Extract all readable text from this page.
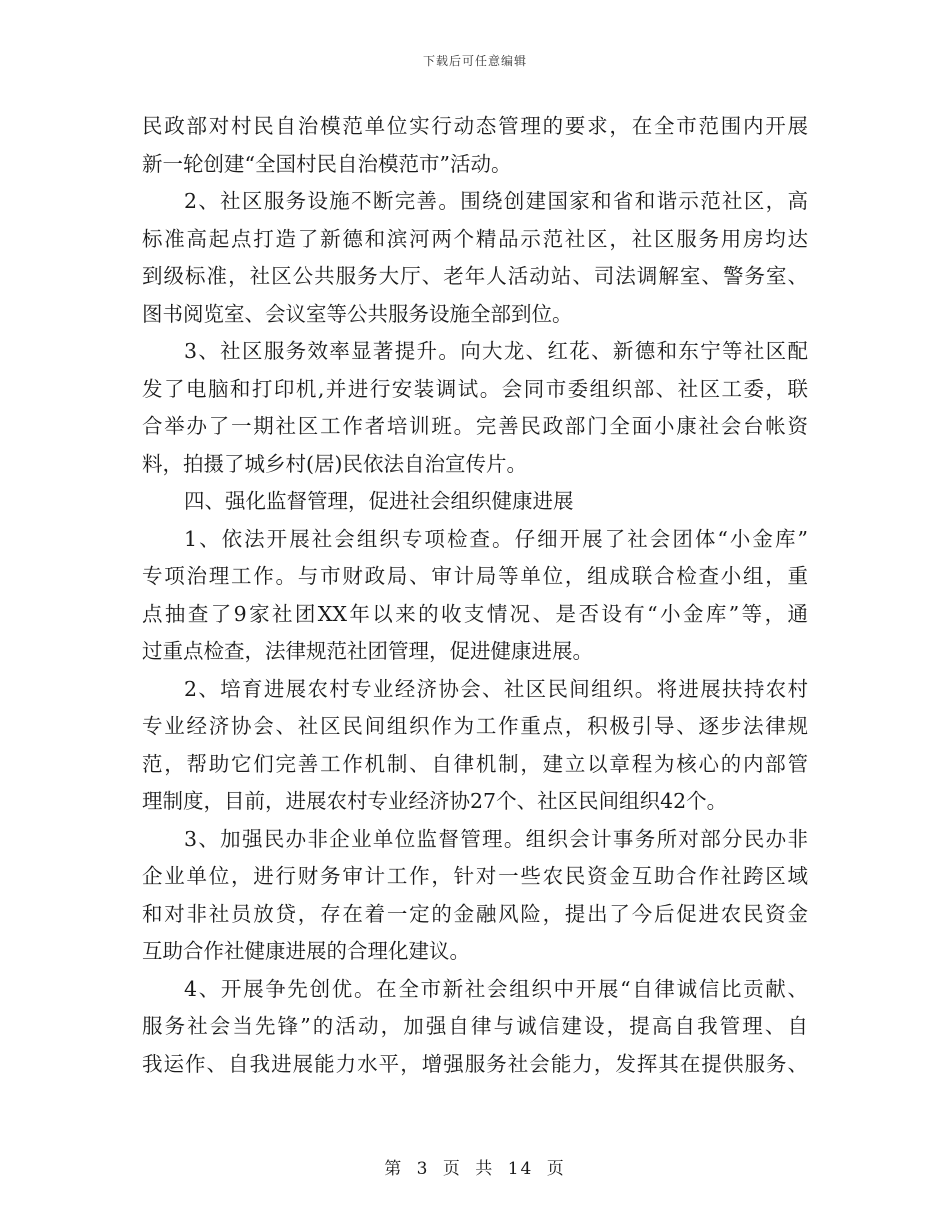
下载后可任意编辑
民政部对村民自治模范单位实行动态管理的要求，在全市范围内开展
新一轮创建“全国村民自治模范市”活动。
2、社区服务设施不断完善。围绕创建国家和省和谐示范社区，高
标准高起点打造了新德和滨河两个精品示范社区，社区服务用房均达
到级标准，社区公共服务大厅、老年人活动站、司法调解室、警务室、
图书阅览室、会议室等公共服务设施全部到位。
3、社区服务效率显著提升。向大龙、红花、新德和东宁等社区配
发了电脑和打印机,并进行安装调试。会同市委组织部、社区工委，联
合举办了一期社区工作者培训班。完善民政部门全面小康社会台帐资
料，拍摄了城乡村(居)民依法自治宣传片。
四、强化监督管理，促进社会组织健康进展
1、依法开展社会组织专项检查。仔细开展了社会团体“小金库”
专项治理工作。与市财政局、审计局等单位，组成联合检查小组，重
点抽查了9家社团XX年以来的收支情况、是否设有“小金库”等，通
过重点检查，法律规范社团管理，促进健康进展。
2、培育进展农村专业经济协会、社区民间组织。将进展扶持农村
专业经济协会、社区民间组织作为工作重点，积极引导、逐步法律规
范，帮助它们完善工作机制、自律机制，建立以章程为核心的内部管
理制度，目前，进展农村专业经济协27个、社区民间组织42个。
3、加强民办非企业单位监督管理。组织会计事务所对部分民办非
企业单位，进行财务审计工作，针对一些农民资金互助合作社跨区域
和对非社员放贷，存在着一定的金融风险，提出了今后促进农民资金
互助合作社健康进展的合理化建议。
4、开展争先创优。在全市新社会组织中开展“自律诚信比贡献、
服务社会当先锋”的活动，加强自律与诚信建设，提高自我管理、自
我运作、自我进展能力水平，增强服务社会能力，发挥其在提供服务、
第 3 页 共 14 页
